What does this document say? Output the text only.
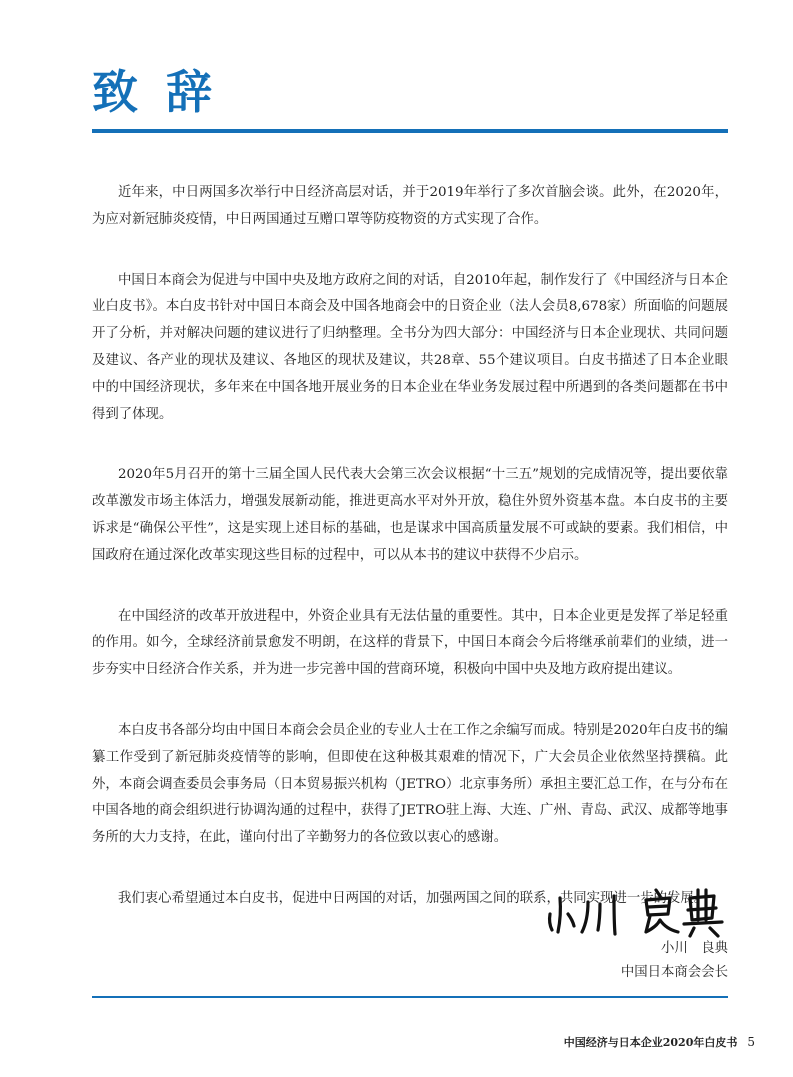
致 辞

近年来，中日两国多次举行中日经济高层对话，并于2019年举行了多次首脑会谈。此外，在2020年，为应对新冠肺炎疫情，中日两国通过互赠口罩等防疫物资的方式实现了合作。

中国日本商会为促进与中国中央及地方政府之间的对话，自2010年起，制作发行了《中国经济与日本企业白皮书》。本白皮书针对中国日本商会及中国各地商会中的日资企业（法人会员8,678家）所面临的问题展开了分析，并对解决问题的建议进行了归纳整理。全书分为四大部分：中国经济与日本企业现状、共同问题及建议、各产业的现状及建议、各地区的现状及建议，共28章、55个建议项目。白皮书描述了日本企业眼中的中国经济现状，多年来在中国各地开展业务的日本企业在华业务发展过程中所遇到的各类问题都在书中得到了体现。

2020年5月召开的第十三届全国人民代表大会第三次会议根据“十三五”规划的完成情况等，提出要依靠改革激发市场主体活力，增强发展新动能，推进更高水平对外开放，稳住外贸外资基本盘。本白皮书的主要诉求是“确保公平性”，这是实现上述目标的基础，也是谋求中国高质量发展不可或缺的要素。我们相信，中国政府在通过深化改革实现这些目标的过程中，可以从本书的建议中获得不少启示。

在中国经济的改革开放进程中，外资企业具有无法估量的重要性。其中，日本企业更是发挥了举足轻重的作用。如今，全球经济前景愈发不明朗，在这样的背景下，中国日本商会今后将继承前辈们的业绩，进一步夯实中日经济合作关系，并为进一步完善中国的营商环境，积极向中国中央及地方政府提出建议。

本白皮书各部分均由中国日本商会会员企业的专业人士在工作之余编写而成。特别是2020年白皮书的编纂工作受到了新冠肺炎疫情等的影响，但即使在这种极其艰难的情况下，广大会员企业依然坚持撰稿。此外，本商会调查委员会事务局（日本贸易振兴机构（JETRO）北京事务所）承担主要汇总工作，在与分布在中国各地的商会组织进行协调沟通的过程中，获得了JETRO驻上海、大连、广州、青岛、武汉、成都等地事务所的大力支持，在此，谨向付出了辛勤努力的各位致以衷心的感谢。

我们衷心希望通过本白皮书，促进中日两国的对话，加强两国之间的联系，共同实现进一步的发展。

小川　良典

中国日本商会会长

中国经济与日本企业2020年白皮书 5
